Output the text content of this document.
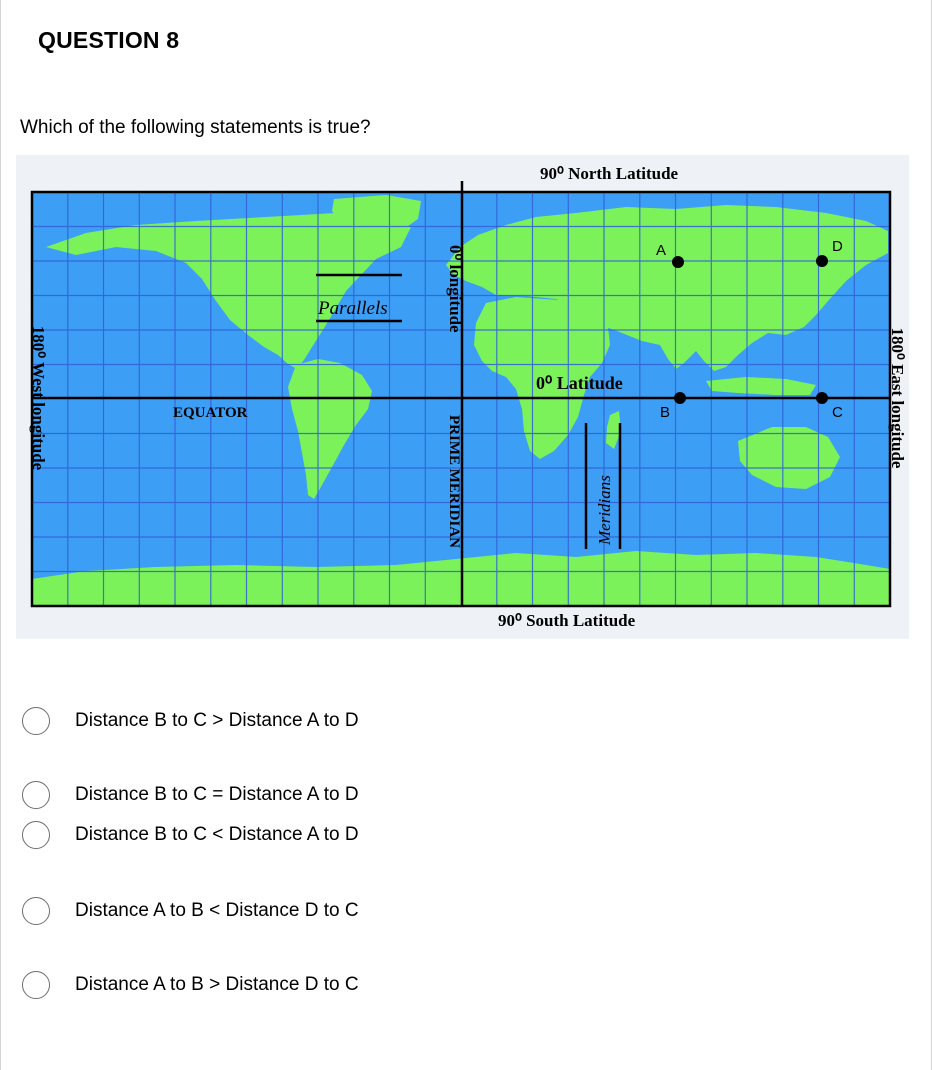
QUESTION 8
Which of the following statements is true?
90⁰ North Latitude
90⁰ South Latitude
EQUATOR
Parallels
0⁰ Latitude
180⁰ West longitude	180⁰ East longitude
0⁰ longitude
PRIME MERIDIAN	Meridians
A	D
B	C
Distance B to C > Distance A to D
Distance B to C = Distance A to D
Distance B to C < Distance A to D
Distance A to B < Distance D to C
Distance A to B > Distance D to C
